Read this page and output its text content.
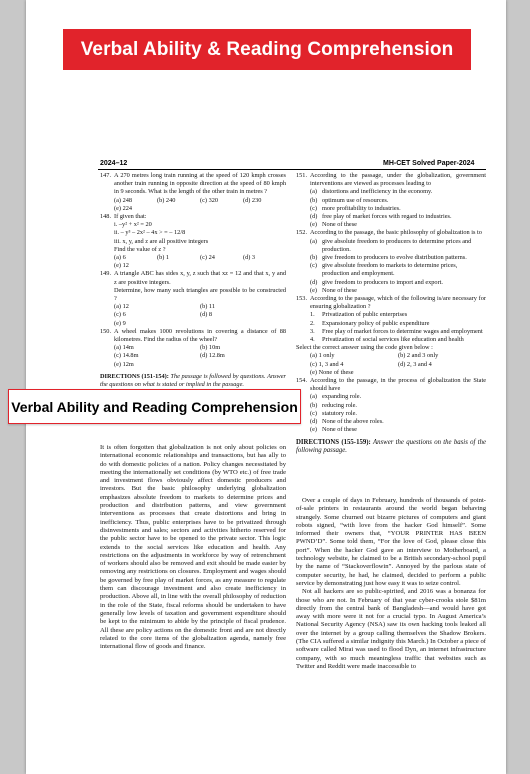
2024–12	MH-CET Solved Paper-2024
147. A 270 metres long train running at the speed of 120 kmph crosses another train running in opposite direction at the speed of 80 kmph in 9 seconds. What is the length of the other train in metres ?

(a) 248	(b) 240	(c) 320	(d) 230
(e) 224
148. If given that:

i. –y² + x² = 20
ii. – y³ – 2x² – 4x > = – 12/8
iii. x, y, and z are all positive integers
Find the value of z ?
(a) 6	(b) 1	(c) 24	(d) 3
(e) 12
149. A triangle ABC has sides x, y, z such that xz = 12 and that x, y and z are positive integers.

Determine, how many such triangles are possible to be constructed ?
(a) 12	(b) 11
(c) 6	(d) 8
(e) 9
150. A wheel makes 1000 revolutions in covering a distance of 88 kilometres. Find the radius of the wheel?

(a) 14m	(b) 10m
(c) 14.8m	(d) 12.8m
(e) 12m

DIRECTIONS (151-154): The passage is followed by questions. Answer the questions on what is stated or implied in the passage.

It is often forgotten that globalization is not only about policies on international economic relationships and transactions, but has ally to do with domestic policies of a nation. Policy changes necessitated by meeting the internationally set conditions (by WTO etc.) of free trade and investment flows obviously affect domestic producers and investors. But the basic philosophy underlying globalization emphasizes absolute freedom to markets to determine prices and production and distribution patterns, and view government interventions as processes that create distortions and bring in inefficiency. Thus, public enterprises have to be privatized through disinvestments and sales; sectors and activities hitherto reserved for the public sector have to be opened to the private sector. This logic extends to the social services like education and health. Any restrictions on the adjustments in workforce by way of retrenchment of workers should also be removed and exit should be made easier by removing any restrictions on closures. Employment and wages should be governed by free play of market forces, as any measure to regulate them can discourage investment and also create inefficiency in production. Above all, in line with the overall philosophy of reduction in the role of the State, fiscal reforms should be undertaken to have generally low levels of taxation and government expenditure should be kept to the minimum to abide by the principle of fiscal prudence. All these are policy actions on the domestic front and are not directly related to the core items of the globalization agenda, namely free international flow of goods and finance.
151. According to the passage, under the globalization, government interventions are viewed as processes leading to

(a) distortions and inefficiency in the economy.
(b) optimum use of resources.
(c) more profitability to industries.
(d) free play of market forces with regard to industries.
(e) None of these
152. According to the passage, the basic philosophy of globalization is to

(a) give absolute freedom to producers to determine prices and production.
(b) give freedom to producers to evolve distribution patterns.
(c) give absolute freedom to markets to determine prices, production and employment.
(d) give freedom to producers to import and export.
(e) None of these
153. According to the passage, which of the following is/are necessary for ensuring globalization ?

1.	Privatization of public enterprises
2.	Expansionary policy of public expenditure
3.	Free play of market forces to determine wages and employment
4.	Privatization of social services like education and health
Select the correct answer using the code given below :
(a) 1 only	(b) 2 and 3 only
(c) 1, 3 and 4	(d) 2, 3 and 4
(e) None of these
154. According to the passage, in the process of globalization the State should have

(a) expanding role.
(b) reducing role.
(c) statutory role.
(d) None of the above roles.
(e) None of these

DIRECTIONS (155-159): Answer the questions on the basis of the following passage.

Over a couple of days in February, hundreds of thousands of point-of-sale printers in restaurants around the world began behaving strangely. Some churned out bizarre pictures of computers and giant robots signed, “with love from the hacker God himself”. Some informed their owners that, “YOUR PRINTER HAS BEEN PWND’D”. Some told them, “For the love of God, please close this port”. When the hacker God gave an interview to Motherboard, a technology website, he claimed to be a British secondary-school pupil by the name of “Stackoverflowin”. Annoyed by the parlous state of computer security, he had, he claimed, decided to perform a public service by demonstrating just how easy it was to seize control.

Not all hackers are so public-spirited, and 2016 was a bonanza for those who are not. In February of that year cyber-crooks stole $81m directly from the central bank of Bangladesh—and would have got away with more were it not for a crucial typo. In August America’s National Security Agency (NSA) saw its own hacking tools leaked all over the internet by a group calling themselves the Shadow Brokers. (The CIA suffered a similar indignity this March.) In October a piece of software called Mirai was used to flood Dyn, an internet infrastructure company, with so much meaningless traffic that websites such as Twitter and Reddit were made inaccessible to

Verbal Ability & Reading Comprehension
Verbal Ability and Reading Comprehension
